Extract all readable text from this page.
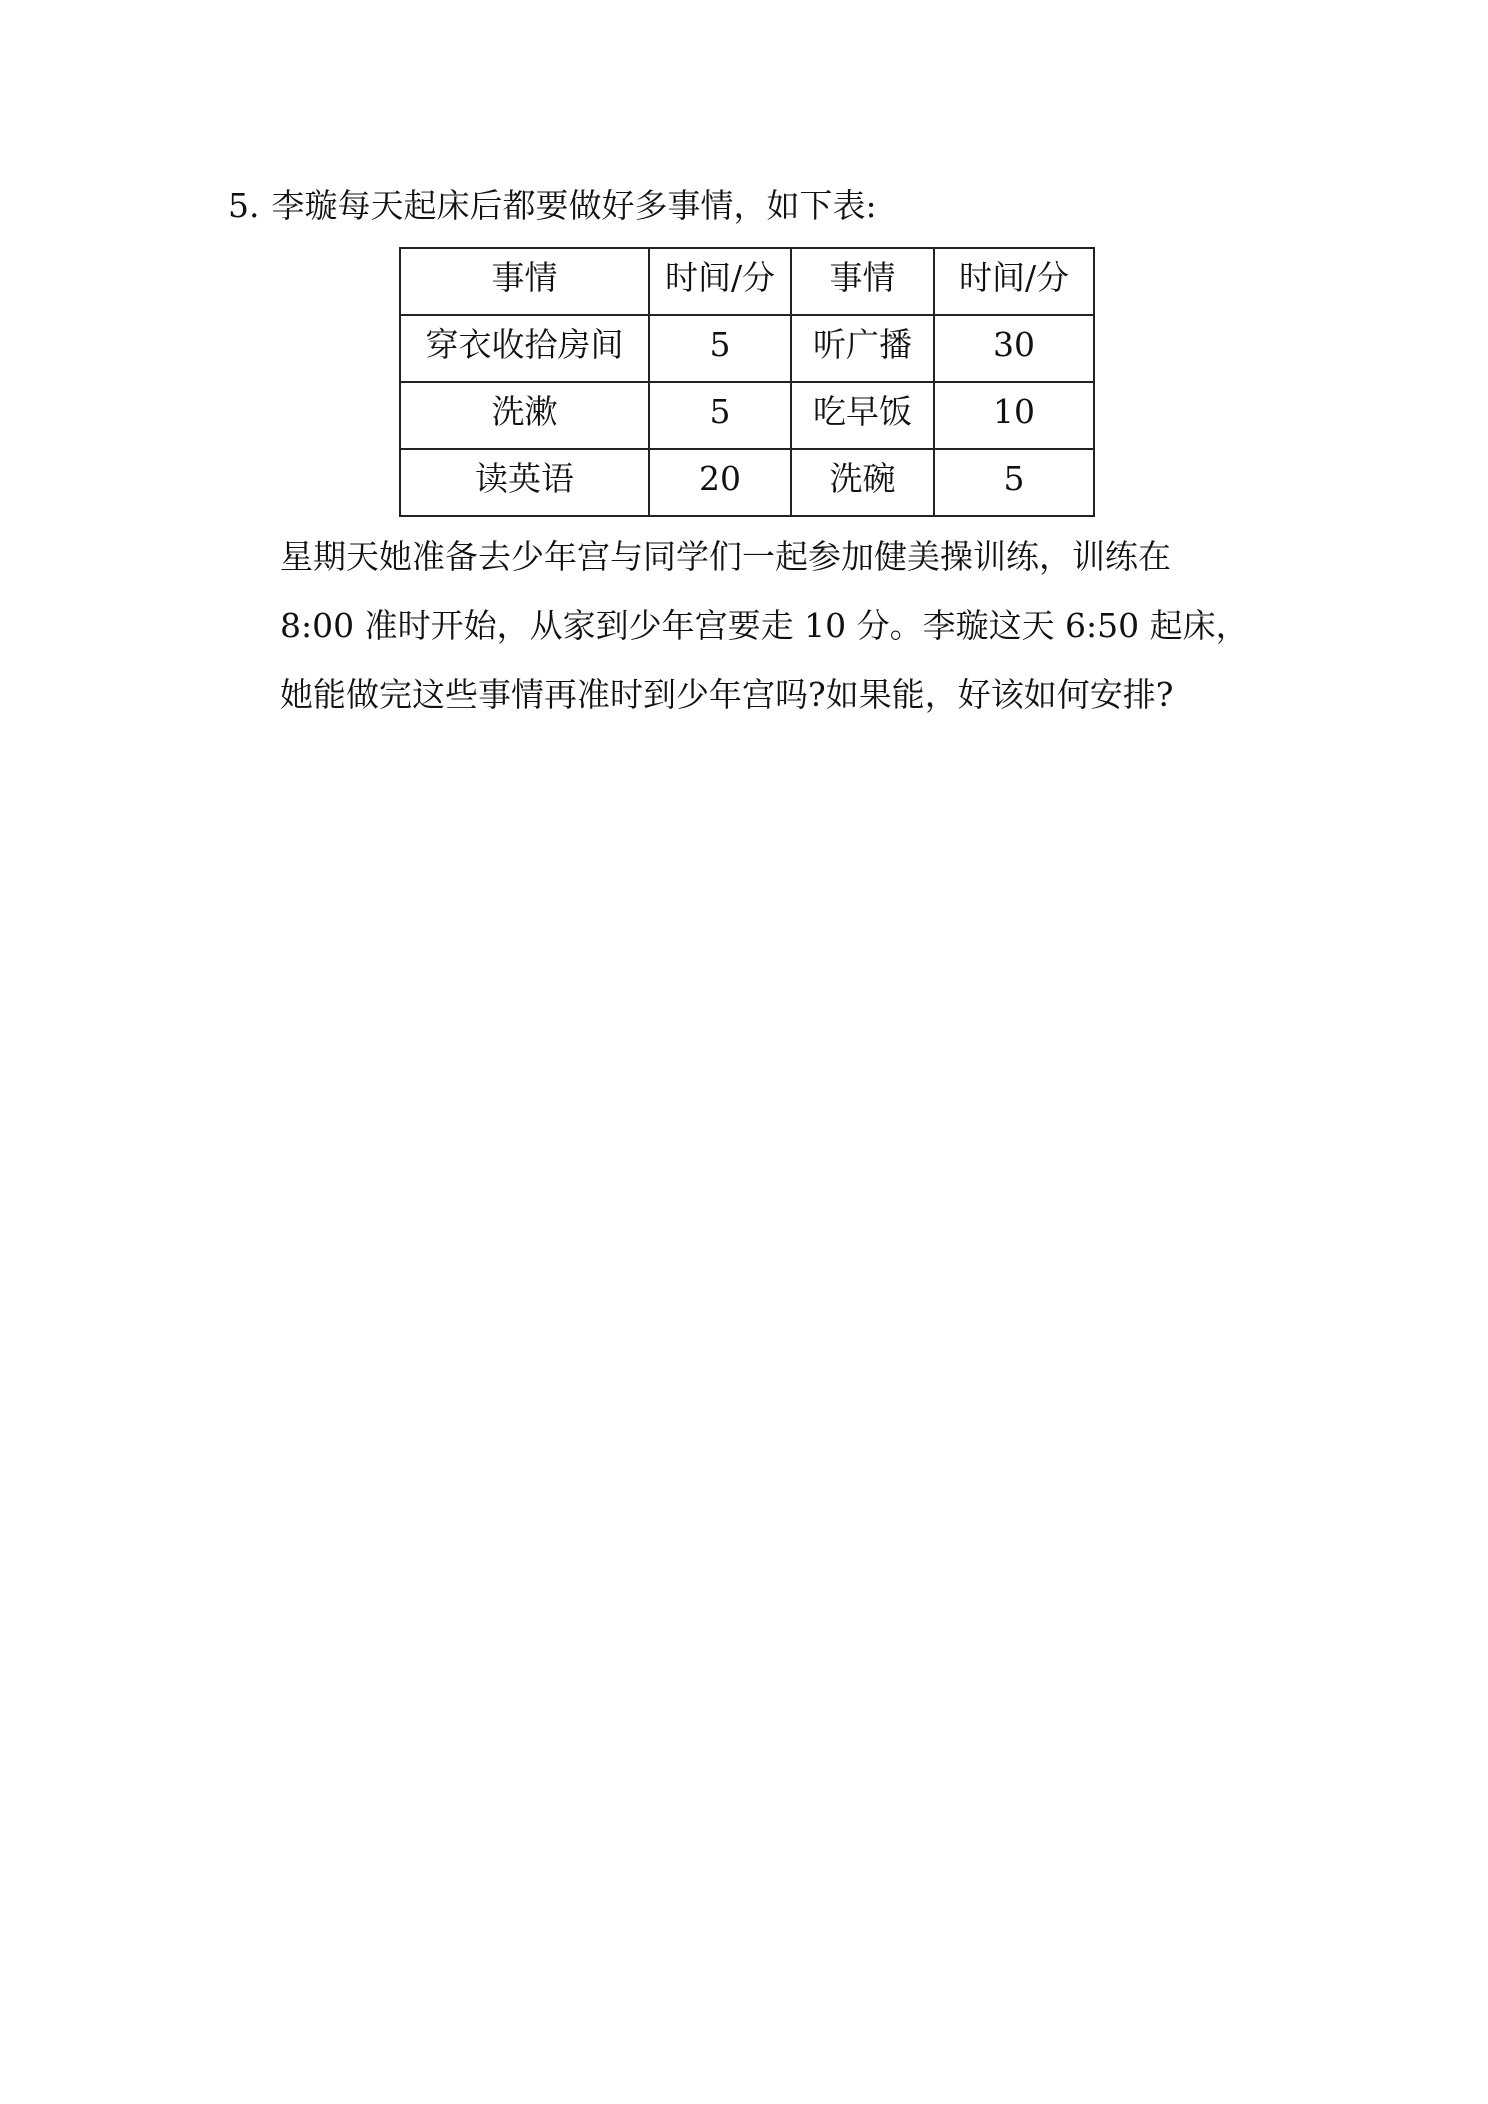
5. 李璇每天起床后都要做好多事情，如下表:
事情	时间/分	事情	时间/分
穿衣收拾房间	5	听广播	30
洗漱	5	吃早饭	10
读英语	20	洗碗	5

星期天她准备去少年宫与同学们一起参加健美操训练，训练在

8:00 准时开始，从家到少年宫要走 10 分。李璇这天 6:50 起床，

她能做完这些事情再准时到少年宫吗?如果能，好该如何安排?
